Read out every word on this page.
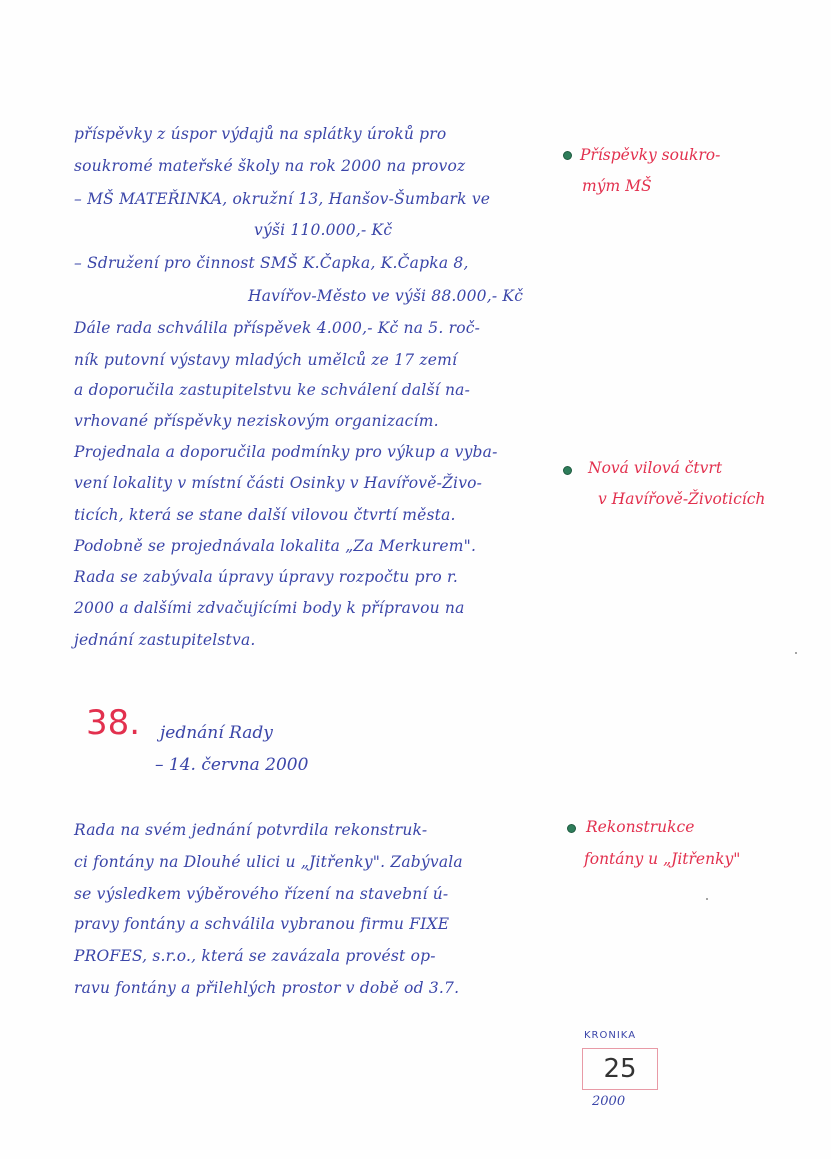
příspěvky z úspor výdajů na splátky úroků pro
soukromé mateřské školy na rok 2000 na provoz
– MŠ MATEŘINKA, okružní 13, Hanšov-Šumbark ve
výši 110.000,- Kč
– Sdružení pro činnost SMŠ K.Čapka, K.Čapka 8,
Havířov-Město ve výši 88.000,- Kč
Dále rada schválila příspěvek 4.000,- Kč na 5. roč-
ník putovní výstavy mladých umělců ze 17 zemí
a doporučila zastupitelstvu ke schválení další na-
vrhované příspěvky neziskovým organizacím.
Projednala a doporučila podmínky pro výkup a vyba-
vení lokality v místní části Osinky v Havířově-Živo-
ticích, která se stane další vilovou čtvrtí města.
Podobně se projednávala lokalita „Za Merkurem".
Rada se zabývala úpravy úpravy rozpočtu pro r.
2000 a dalšími zdvačujícími body k přípravou na
jednání zastupitelstva.
Příspěvky soukro-
mým MŠ
Nová vilová čtvrt
v Havířově-Životicích
38. jednání Rady
– 14. června 2000
Rada na svém jednání potvrdila rekonstruk-
ci fontány na Dlouhé ulici u „Jitřenky". Zabývala
se výsledkem výběrového řízení na stavební ú-
pravy fontány a schválila vybranou firmu FIXE
PROFES, s.r.o., která se zavázala provést op-
ravu fontány a přilehlých prostor v době od 3.7.
Rekonstrukce
fontány u „Jitřenky"
KRONIKA
25
2000
